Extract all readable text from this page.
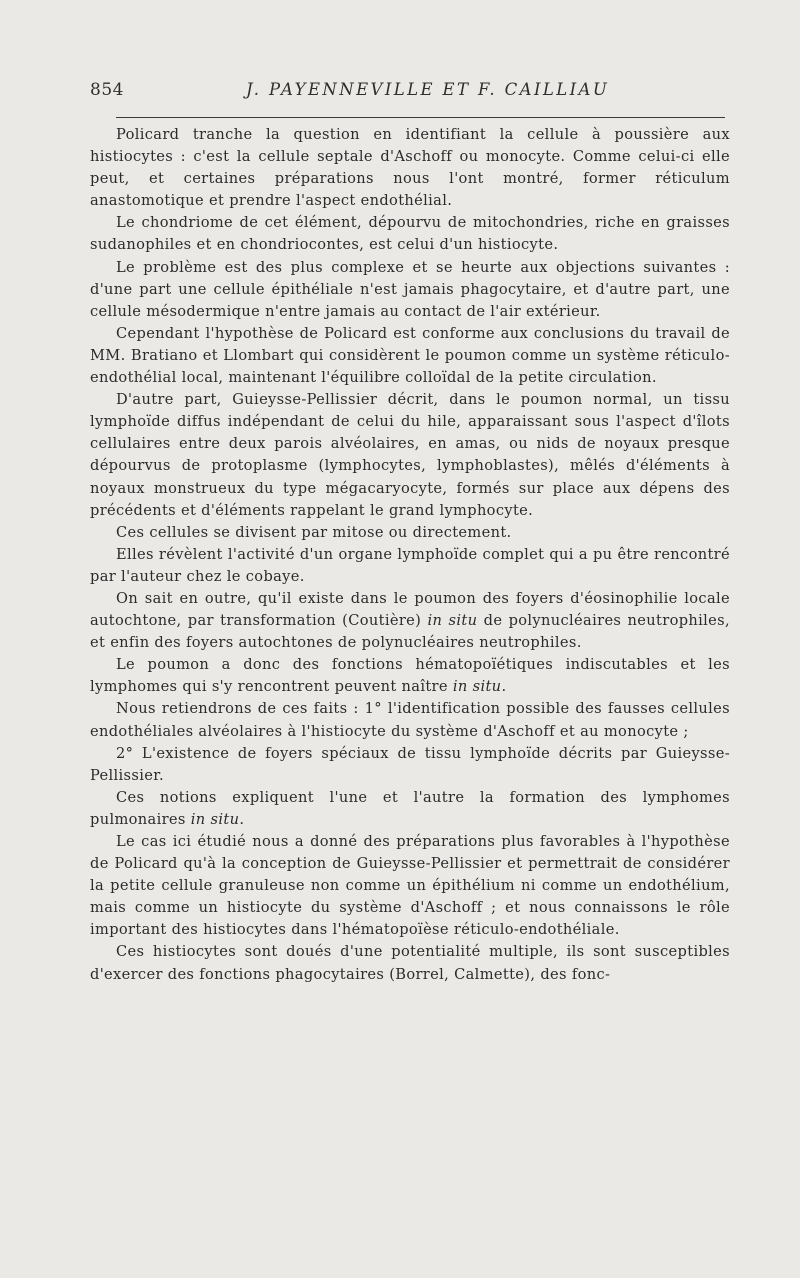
854	J. PAYENNEVILLE ET F. CAILLIAU

Policard tranche la question en identifiant la cellule à poussière aux histiocytes : c'est la cellule septale d'Aschoff ou monocyte. Comme celui-ci elle peut, et certaines préparations nous l'ont montré, former réticulum anastomotique et prendre l'aspect endothélial.

Le chondriome de cet élément, dépourvu de mitochondries, riche en graisses sudanophiles et en chondriocontes, est celui d'un histiocyte.

Le problème est des plus complexe et se heurte aux objections suivantes : d'une part une cellule épithéliale n'est jamais phagocytaire, et d'autre part, une cellule mésodermique n'entre jamais au contact de l'air extérieur.

Cependant l'hypothèse de Policard est conforme aux conclusions du travail de MM. Bratiano et Llombart qui considèrent le poumon comme un système réticulo-endothélial local, maintenant l'équilibre colloïdal de la petite circulation.

D'autre part, Guieysse-Pellissier décrit, dans le poumon normal, un tissu lymphoïde diffus indépendant de celui du hile, apparaissant sous l'aspect d'îlots cellulaires entre deux parois alvéolaires, en amas, ou nids de noyaux presque dépourvus de protoplasme (lymphocytes, lymphoblastes), mêlés d'éléments à noyaux monstrueux du type mégacaryocyte, formés sur place aux dépens des précédents et d'éléments rappelant le grand lymphocyte.

Ces cellules se divisent par mitose ou directement.

Elles révèlent l'activité d'un organe lymphoïde complet qui a pu être rencontré par l'auteur chez le cobaye.

On sait en outre, qu'il existe dans le poumon des foyers d'éosinophilie locale autochtone, par transformation (Coutière) in situ de polynucléaires neutrophiles, et enfin des foyers autochtones de polynucléaires neutrophiles.

Le poumon a donc des fonctions hématopoïétiques indiscutables et les lymphomes qui s'y rencontrent peuvent naître in situ.

Nous retiendrons de ces faits : 1° l'identification possible des fausses cellules endothéliales alvéolaires à l'histiocyte du système d'Aschoff et au monocyte ;

2° L'existence de foyers spéciaux de tissu lymphoïde décrits par Guieysse-Pellissier.

Ces notions expliquent l'une et l'autre la formation des lymphomes pulmonaires in situ.

Le cas ici étudié nous a donné des préparations plus favorables à l'hypothèse de Policard qu'à la conception de Guieysse-Pellissier et permettrait de considérer la petite cellule granuleuse non comme un épithélium ni comme un endothélium, mais comme un histiocyte du système d'Aschoff ; et nous connaissons le rôle important des histiocytes dans l'hématopoïèse réticulo-endothéliale.

Ces histiocytes sont doués d'une potentialité multiple, ils sont susceptibles d'exercer des fonctions phagocytaires (Borrel, Calmette), des fonc-
